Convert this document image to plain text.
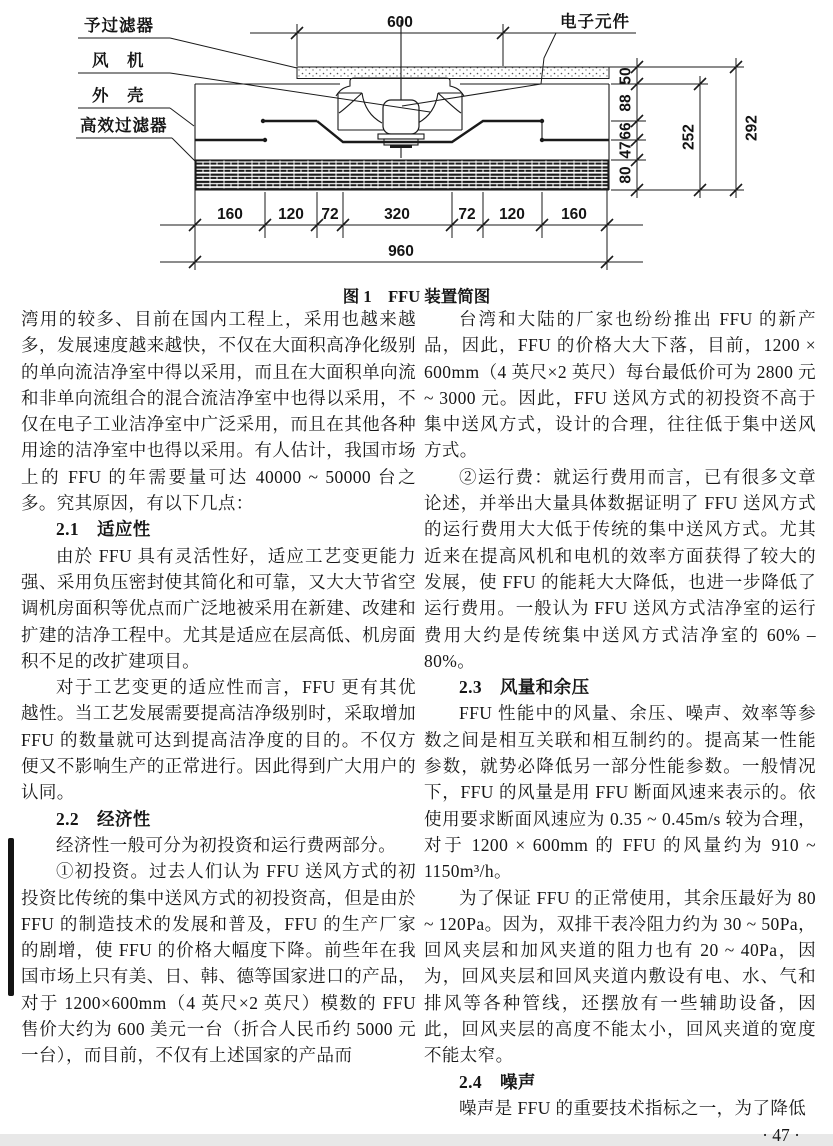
予过滤器
风　机
外　壳
高效过滤器
电子元件
600
50
88
66
47
80
252	292
160 120 72	320	72 120 160
960
图 1　FFU 装置简图

湾用的较多、目前在国内工程上，采用也越来越多，发展速度越来越快，不仅在大面积高净化级别的单向流洁净室中得以采用，而且在大面积单向流和非单向流组合的混合流洁净室中也得以采用，不仅在电子工业洁净室中广泛采用，而且在其他各种用途的洁净室中也得以采用。有人估计，我国市场上的 FFU 的年需要量可达 40000 ~ 50000 台之多。究其原因，有以下几点：

2.1　适应性

由於 FFU 具有灵活性好，适应工艺变更能力强、采用负压密封使其简化和可靠，又大大节省空调机房面积等优点而广泛地被采用在新建、改建和扩建的洁净工程中。尤其是适应在层高低、机房面积不足的改扩建项目。

对于工艺变更的适应性而言，FFU 更有其优越性。当工艺发展需要提高洁净级别时，采取增加 FFU 的数量就可达到提高洁净度的目的。不仅方便又不影响生产的正常进行。因此得到广大用户的认同。

2.2　经济性

经济性一般可分为初投资和运行费两部分。

①初投资。过去人们认为 FFU 送风方式的初投资比传统的集中送风方式的初投资高，但是由於 FFU 的制造技术的发展和普及，FFU 的生产厂家的剧增，使 FFU 的价格大幅度下降。前些年在我国市场上只有美、日、韩、德等国家进口的产品，对于 1200×600mm（4 英尺×2 英尺）模数的 FFU 售价大约为 600 美元一台（折合人民币约 5000 元一台），而目前，不仅有上述国家的产品而

台湾和大陆的厂家也纷纷推出 FFU 的新产品，因此，FFU 的价格大大下落，目前，1200 × 600mm（4 英尺×2 英尺）每台最低价可为 2800 元 ~ 3000 元。因此，FFU 送风方式的初投资不高于集中送风方式，设计的合理，往往低于集中送风方式。

②运行费：就运行费用而言，已有很多文章论述，并举出大量具体数据证明了 FFU 送风方式的运行费用大大低于传统的集中送风方式。尤其近来在提高风机和电机的效率方面获得了较大的发展，使 FFU 的能耗大大降低，也进一步降低了运行费用。一般认为 FFU 送风方式洁净室的运行费用大约是传统集中送风方式洁净室的 60% – 80%。

2.3　风量和余压

FFU 性能中的风量、余压、噪声、效率等参数之间是相互关联和相互制约的。提高某一性能参数，就势必降低另一部分性能参数。一般情况下，FFU 的风量是用 FFU 断面风速来表示的。依使用要求断面风速应为 0.35 ~ 0.45m/s 较为合理，对于 1200 × 600mm 的 FFU 的风量约为 910 ~ 1150m³/h。

为了保证 FFU 的正常使用，其余压最好为 80 ~ 120Pa。因为，双排干表冷阻力约为 30 ~ 50Pa，回风夹层和加风夹道的阻力也有 20 ~ 40Pa，因为，回风夹层和回风夹道内敷设有电、水、气和排风等各种管线，还摆放有一些辅助设备，因此，回风夹层的高度不能太小，回风夹道的宽度不能太窄。

2.4　噪声

噪声是 FFU 的重要技术指标之一，为了降低

· 47 ·
